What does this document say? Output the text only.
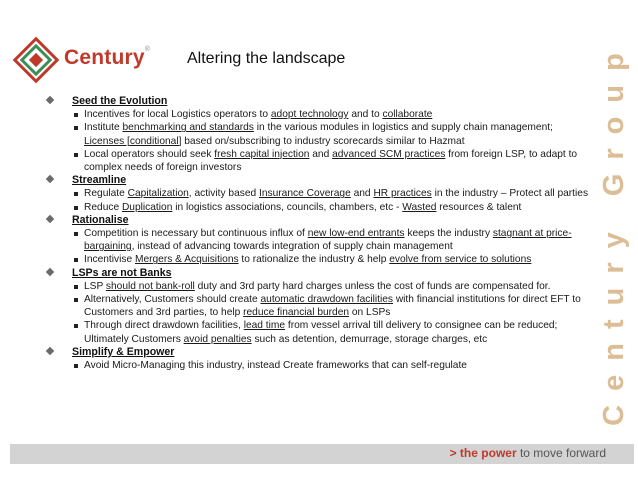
Century®
Altering the landscape	Century Group
Seed the Evolution
Incentives for local Logistics operators to adopt technology and to collaborate
Institute benchmarking and standards in the various modules in logistics and supply chain management; Licenses [conditional] based on/subscribing to industry scorecards similar to Hazmat
Local operators should seek fresh capital injection and advanced SCM practices from foreign LSP, to adapt to complex needs of foreign investors
Streamline
Regulate Capitalization, activity based Insurance Coverage and HR practices in the industry – Protect all parties
Reduce Duplication in logistics associations, councils, chambers, etc - Wasted resources & talent
Rationalise
Competition is necessary but continuous influx of new low-end entrants keeps the industry stagnant at price-bargaining, instead of advancing towards integration of supply chain management
Incentivise Mergers & Acquisitions to rationalize the industry & help evolve from service to solutions
LSPs are not Banks
LSP should not bank-roll duty and 3rd party hard charges unless the cost of funds are compensated for.
Alternatively, Customers should create automatic drawdown facilities with financial institutions for direct EFT to Customers and 3rd parties, to help reduce financial burden on LSPs
Through direct drawdown facilities, lead time from vessel arrival till delivery to consignee can be reduced; Ultimately Customers avoid penalties such as detention, demurrage, storage charges, etc
Simplify & Empower
Avoid Micro-Managing this industry, instead Create frameworks that can self-regulate
> the power to move forward
